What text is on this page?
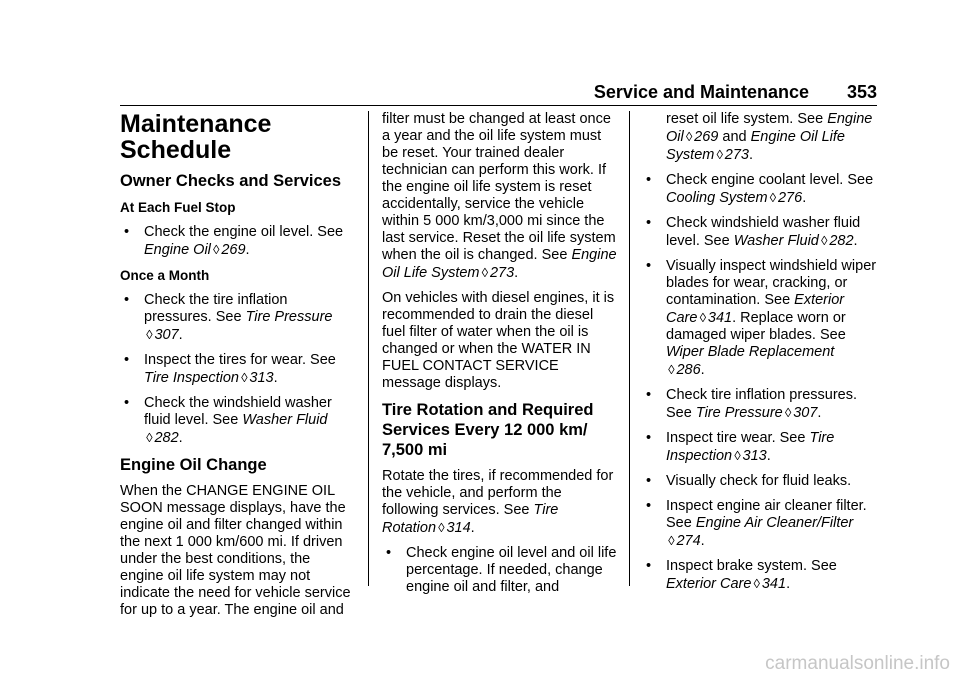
Service and Maintenance 353
Maintenance
Schedule
Owner Checks and Services
At Each Fuel Stop
• Check the engine oil level. See Engine Oil ◊ 269.
Once a Month
• Check the tire inflation pressures. See Tire Pressure
◊ 307.
• Inspect the tires for wear. See Tire Inspection ◊ 313.
• Check the windshield washer fluid level. See Washer Fluid
◊ 282.
Engine Oil Change

When the CHANGE ENGINE OIL SOON message displays, have the engine oil and filter changed within the next 1 000 km/600 mi. If driven under the best conditions, the engine oil life system may not indicate the need for vehicle service for up to a year. The engine oil and

filter must be changed at least once a year and the oil life system must be reset. Your trained dealer technician can perform this work. If the engine oil life system is reset accidentally, service the vehicle within 5 000 km/3,000 mi since the last service. Reset the oil life system when the oil is changed. See Engine Oil Life System ◊ 273.

On vehicles with diesel engines, it is recommended to drain the diesel fuel filter of water when the oil is changed or when the WATER IN FUEL CONTACT SERVICE message displays.

Tire Rotation and Required Services Every 12 000 km/ 7,500 mi

Rotate the tires, if recommended for the vehicle, and perform the following services. See Tire Rotation ◊ 314.

• Check engine oil level and oil life percentage. If needed, change engine oil and filter, and
reset oil life system. See Engine Oil ◊ 269 and Engine Oil Life System ◊ 273.
• Check engine coolant level. See Cooling System ◊ 276.
• Check windshield washer fluid level. See Washer Fluid ◊ 282.
• Visually inspect windshield wiper blades for wear, cracking, or contamination. See Exterior Care ◊ 341. Replace worn or damaged wiper blades. See Wiper Blade Replacement
◊ 286.
• Check tire inflation pressures. See Tire Pressure ◊ 307.
• Inspect tire wear. See Tire Inspection ◊ 313.
• Visually check for fluid leaks.
• Inspect engine air cleaner filter. See Engine Air Cleaner/Filter
◊ 274.
• Inspect brake system. See Exterior Care ◊ 341.
carmanualsonline.info
